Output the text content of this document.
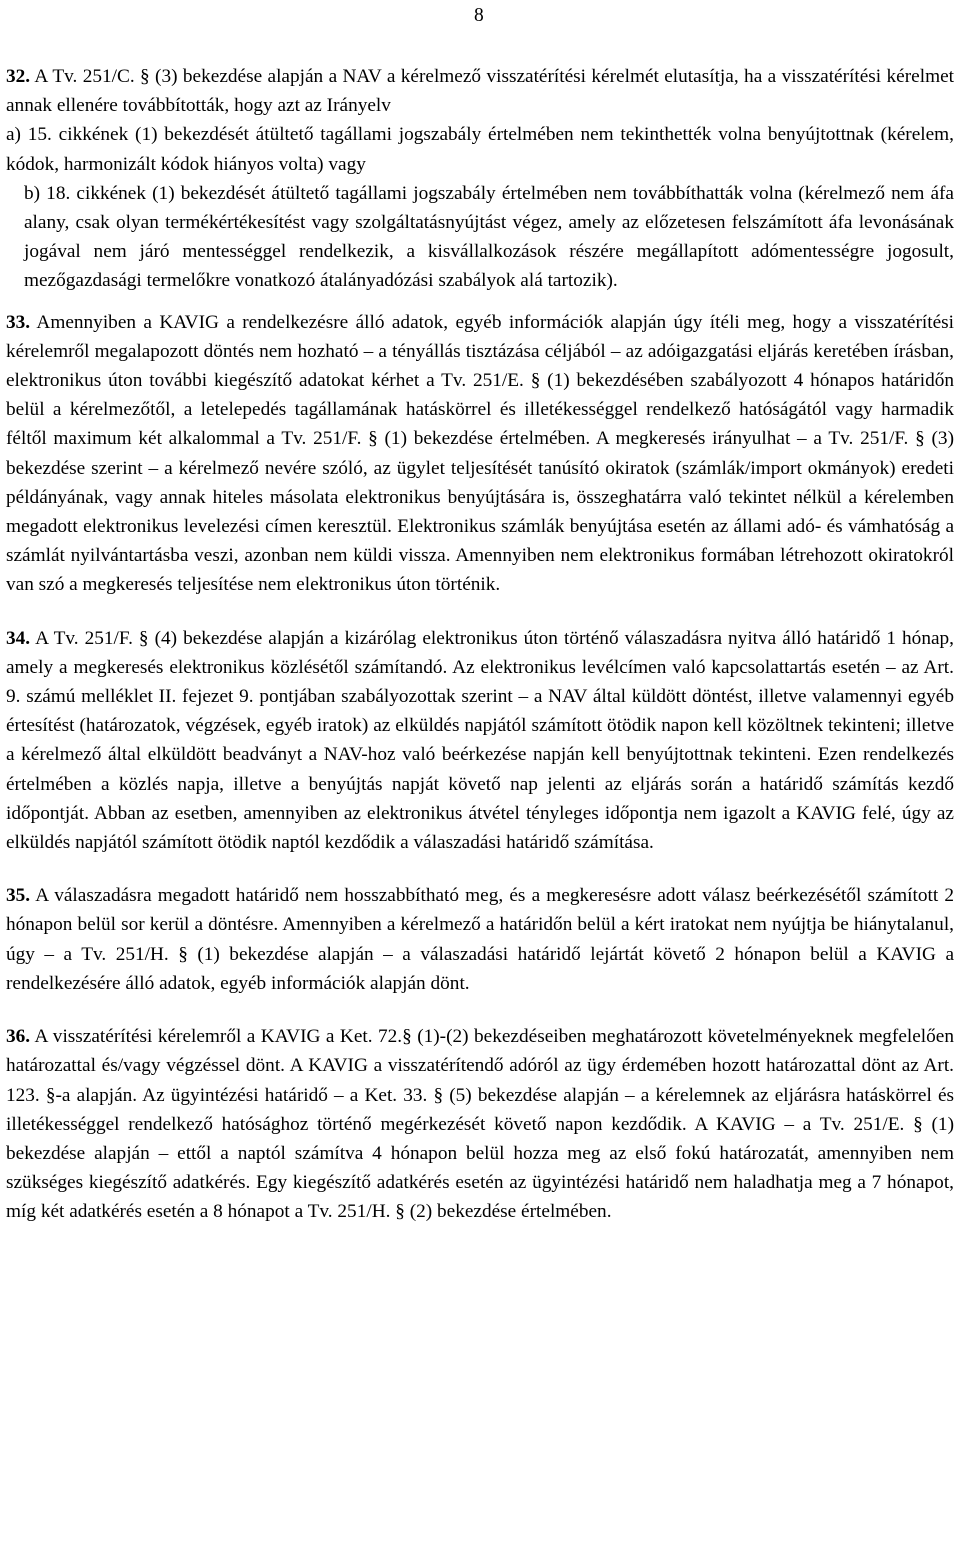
8

32. A Tv. 251/C. § (3) bekezdése alapján a NAV a kérelmező visszatérítési kérelmét elutasítja, ha a visszatérítési kérelmet annak ellenére továbbították, hogy azt az Irányelv

a) 15. cikkének (1) bekezdését átültető tagállami jogszabály értelmében nem tekinthették volna benyújtottnak (kérelem, kódok, harmonizált kódok hiányos volta) vagy

b) 18. cikkének (1) bekezdését átültető tagállami jogszabály értelmében nem továbbíthatták volna (kérelmező nem áfa alany, csak olyan termékértékesítést vagy szolgáltatásnyújtást végez, amely az előzetesen felszámított áfa levonásának jogával nem járó mentességgel rendelkezik, a kisvállalkozások részére megállapított adómentességre jogosult, mezőgazdasági termelőkre vonatkozó átalányadózási szabályok alá tartozik).

33. Amennyiben a KAVIG a rendelkezésre álló adatok, egyéb információk alapján úgy ítéli meg, hogy a visszatérítési kérelemről megalapozott döntés nem hozható – a tényállás tisztázása céljából – az adóigazgatási eljárás keretében írásban, elektronikus úton további kiegészítő adatokat kérhet a Tv. 251/E. § (1) bekezdésében szabályozott 4 hónapos határidőn belül a kérelmezőtől, a letelepedés tagállamának hatáskörrel és illetékességgel rendelkező hatóságától vagy harmadik féltől maximum két alkalommal a Tv. 251/F. § (1) bekezdése értelmében. A megkeresés irányulhat – a Tv. 251/F. § (3) bekezdése szerint – a kérelmező nevére szóló, az ügylet teljesítését tanúsító okiratok (számlák/import okmányok) eredeti példányának, vagy annak hiteles másolata elektronikus benyújtására is, összeghatárra való tekintet nélkül a kérelemben megadott elektronikus levelezési címen keresztül. Elektronikus számlák benyújtása esetén az állami adó- és vámhatóság a számlát nyilvántartásba veszi, azonban nem küldi vissza. Amennyiben nem elektronikus formában létrehozott okiratokról van szó a megkeresés teljesítése nem elektronikus úton történik.

34. A Tv. 251/F. § (4) bekezdése alapján a kizárólag elektronikus úton történő válaszadásra nyitva álló határidő 1 hónap, amely a megkeresés elektronikus közlésétől számítandó. Az elektronikus levélcímen való kapcsolattartás esetén – az Art. 9. számú melléklet II. fejezet 9. pontjában szabályozottak szerint – a NAV által küldött döntést, illetve valamennyi egyéb értesítést (határozatok, végzések, egyéb iratok) az elküldés napjától számított ötödik napon kell közöltnek tekinteni; illetve a kérelmező által elküldött beadványt a NAV-hoz való beérkezése napján kell benyújtottnak tekinteni. Ezen rendelkezés értelmében a közlés napja, illetve a benyújtás napját követő nap jelenti az eljárás során a határidő számítás kezdő időpontját. Abban az esetben, amennyiben az elektronikus átvétel tényleges időpontja nem igazolt a KAVIG felé, úgy az elküldés napjától számított ötödik naptól kezdődik a válaszadási határidő számítása.

35. A válaszadásra megadott határidő nem hosszabbítható meg, és a megkeresésre adott válasz beérkezésétől számított 2 hónapon belül sor kerül a döntésre. Amennyiben a kérelmező a határidőn belül a kért iratokat nem nyújtja be hiánytalanul, úgy – a Tv. 251/H. § (1) bekezdése alapján – a válaszadási határidő lejártát követő 2 hónapon belül a KAVIG a rendelkezésére álló adatok, egyéb információk alapján dönt.

36. A visszatérítési kérelemről a KAVIG a Ket. 72.§ (1)-(2) bekezdéseiben meghatározott követelményeknek megfelelően határozattal és/vagy végzéssel dönt. A KAVIG a visszatérítendő adóról az ügy érdemében hozott határozattal dönt az Art. 123. §-a alapján. Az ügyintézési határidő – a Ket. 33. § (5) bekezdése alapján – a kérelemnek az eljárásra hatáskörrel és illetékességgel rendelkező hatósághoz történő megérkezését követő napon kezdődik. A KAVIG – a Tv. 251/E. § (1) bekezdése alapján – ettől a naptól számítva 4 hónapon belül hozza meg az első fokú határozatát, amennyiben nem szükséges kiegészítő adatkérés. Egy kiegészítő adatkérés esetén az ügyintézési határidő nem haladhatja meg a 7 hónapot, míg két adatkérés esetén a 8 hónapot a Tv. 251/H. § (2) bekezdése értelmében.
